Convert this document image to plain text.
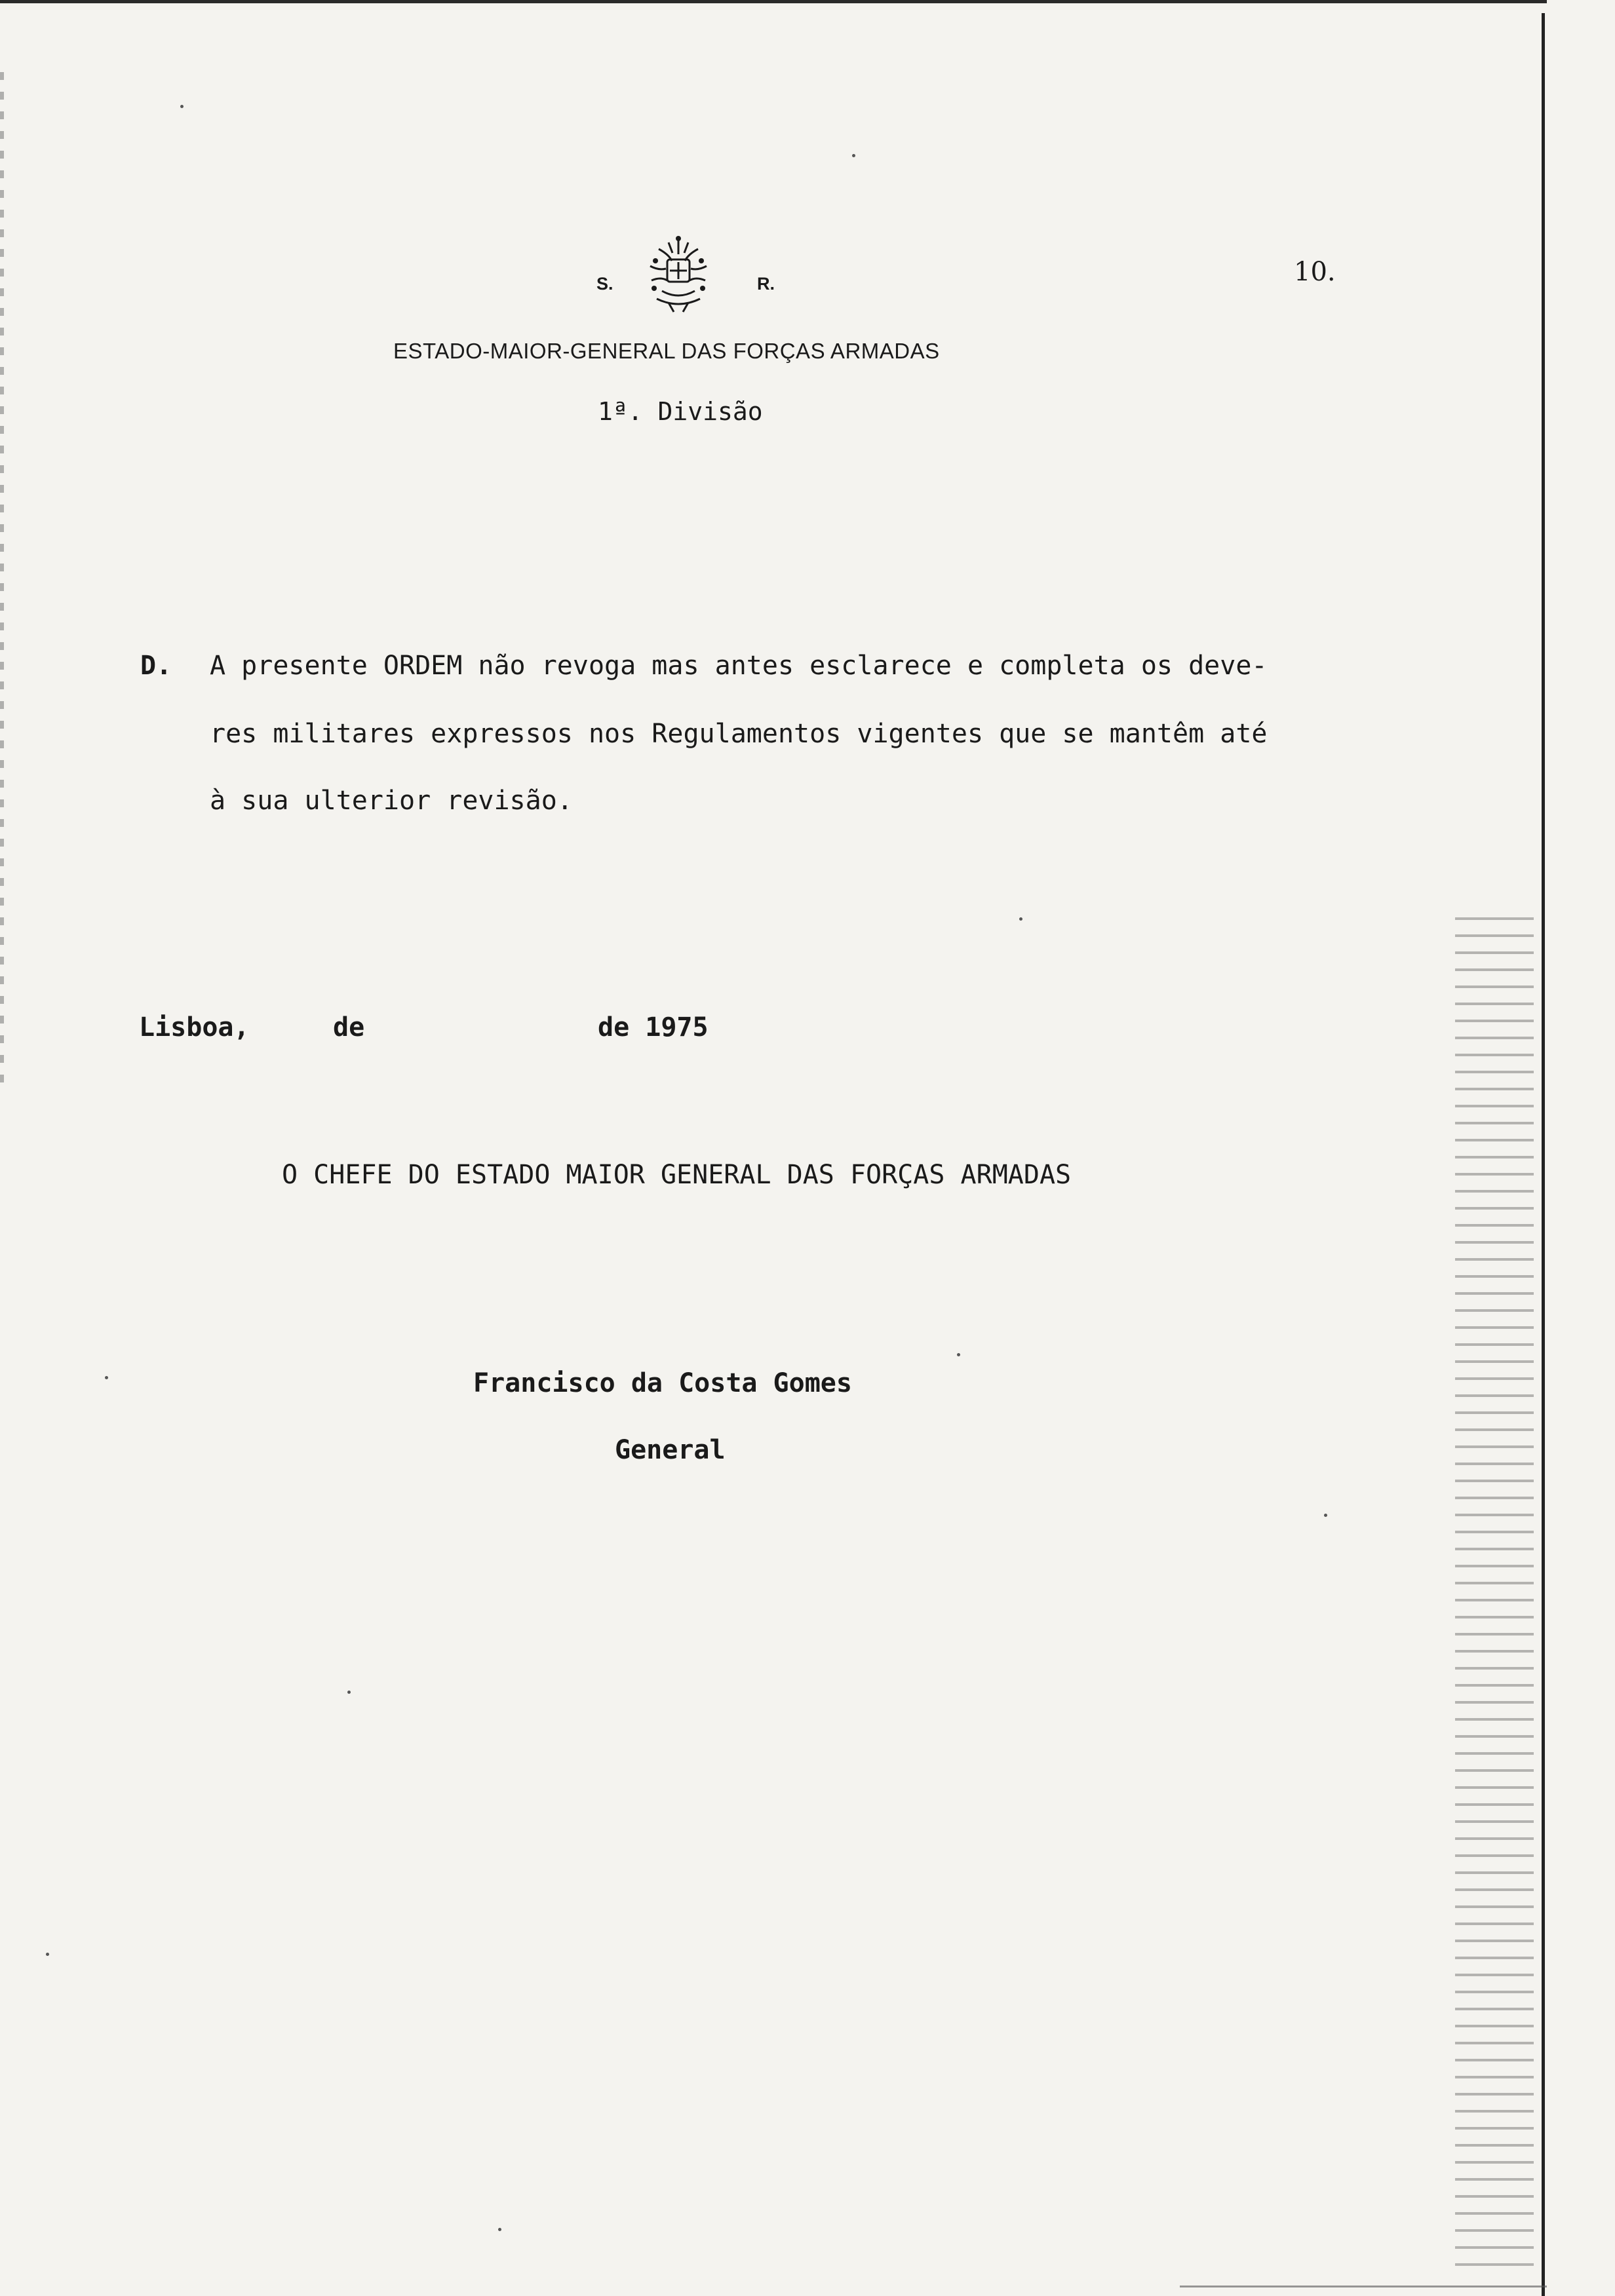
S.	R.	10.
ESTADO-MAIOR-GENERAL DAS FORÇAS ARMADAS
1ª. Divisão
D. A presente ORDEM não revoga mas antes esclarece e completa os deve-
res militares expressos nos Regulamentos vigentes que se mantêm até
à sua ulterior revisão.
Lisboa,	de	de 1975
O CHEFE DO ESTADO MAIOR GENERAL DAS FORÇAS ARMADAS
Francisco da Costa Gomes
General
